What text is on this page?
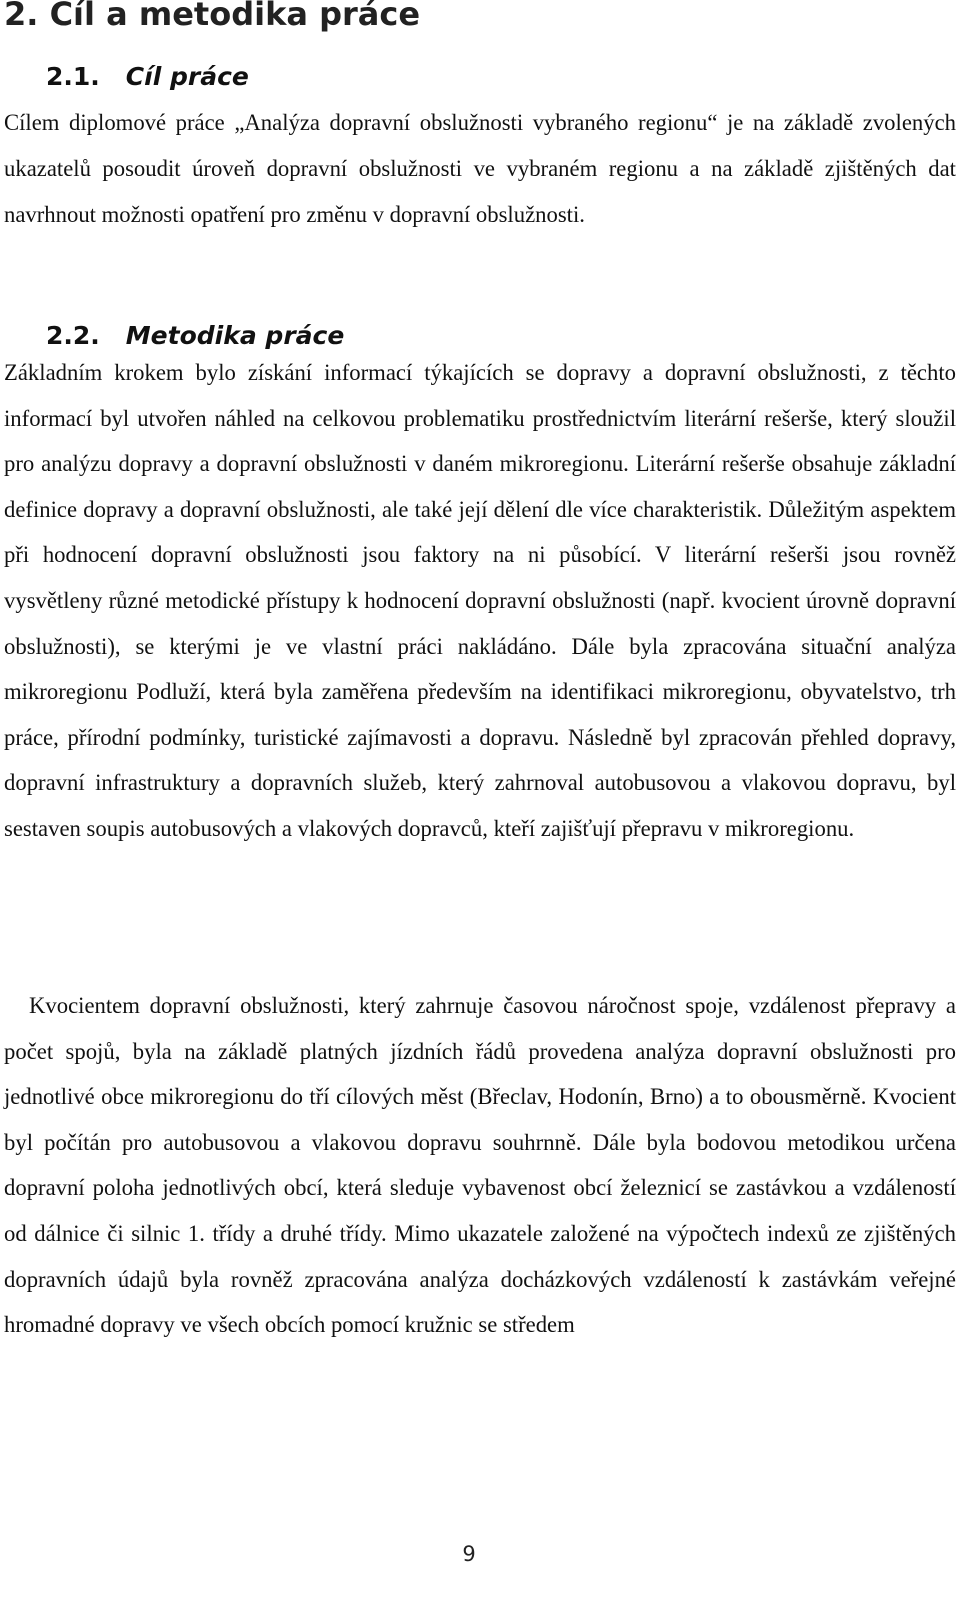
2. Cíl a metodika práce
2.1. Cíl práce

Cílem diplomové práce „Analýza dopravní obslužnosti vybraného regionu“ je na základě zvolených ukazatelů posoudit úroveň dopravní obslužnosti ve vybraném regionu a na základě zjištěných dat navrhnout možnosti opatření pro změnu v dopravní obslužnosti.

2.2. Metodika práce

Základním krokem bylo získání informací týkajících se dopravy a dopravní obslužnosti, z těchto informací byl utvořen náhled na celkovou problematiku prostřednictvím literární rešerše, který sloužil pro analýzu dopravy a dopravní obslužnosti v daném mikroregionu. Literární rešerše obsahuje základní definice dopravy a dopravní obslužnosti, ale také její dělení dle více charakteristik. Důležitým aspektem při hodnocení dopravní obslužnosti jsou faktory na ni působící. V literární rešerši jsou rovněž vysvětleny různé metodické přístupy k hodnocení dopravní obslužnosti (např. kvocient úrovně dopravní obslužnosti), se kterými je ve vlastní práci nakládáno. Dále byla zpracována situační analýza mikroregionu Podluží, která byla zaměřena především na identifikaci mikroregionu, obyvatelstvo, trh práce, přírodní podmínky, turistické zajímavosti a dopravu. Následně byl zpracován přehled dopravy, dopravní infrastruktury a dopravních služeb, který zahrnoval autobusovou a vlakovou dopravu, byl sestaven soupis autobusových a vlakových dopravců, kteří zajišťují přepravu v mikroregionu.

Kvocientem dopravní obslužnosti, který zahrnuje časovou náročnost spoje, vzdálenost přepravy a počet spojů, byla na základě platných jízdních řádů provedena analýza dopravní obslužnosti pro jednotlivé obce mikroregionu do tří cílových měst (Břeclav, Hodonín, Brno) a to obousměrně. Kvocient byl počítán pro autobusovou a vlakovou dopravu souhrnně. Dále byla bodovou metodikou určena dopravní poloha jednotlivých obcí, která sleduje vybavenost obcí železnicí se zastávkou a vzdáleností od dálnice či silnic 1. třídy a druhé třídy. Mimo ukazatele založené na výpočtech indexů ze zjištěných dopravních údajů byla rovněž zpracována analýza docházkových vzdáleností k zastávkám veřejné hromadné dopravy ve všech obcích pomocí kružnic se středem

9
